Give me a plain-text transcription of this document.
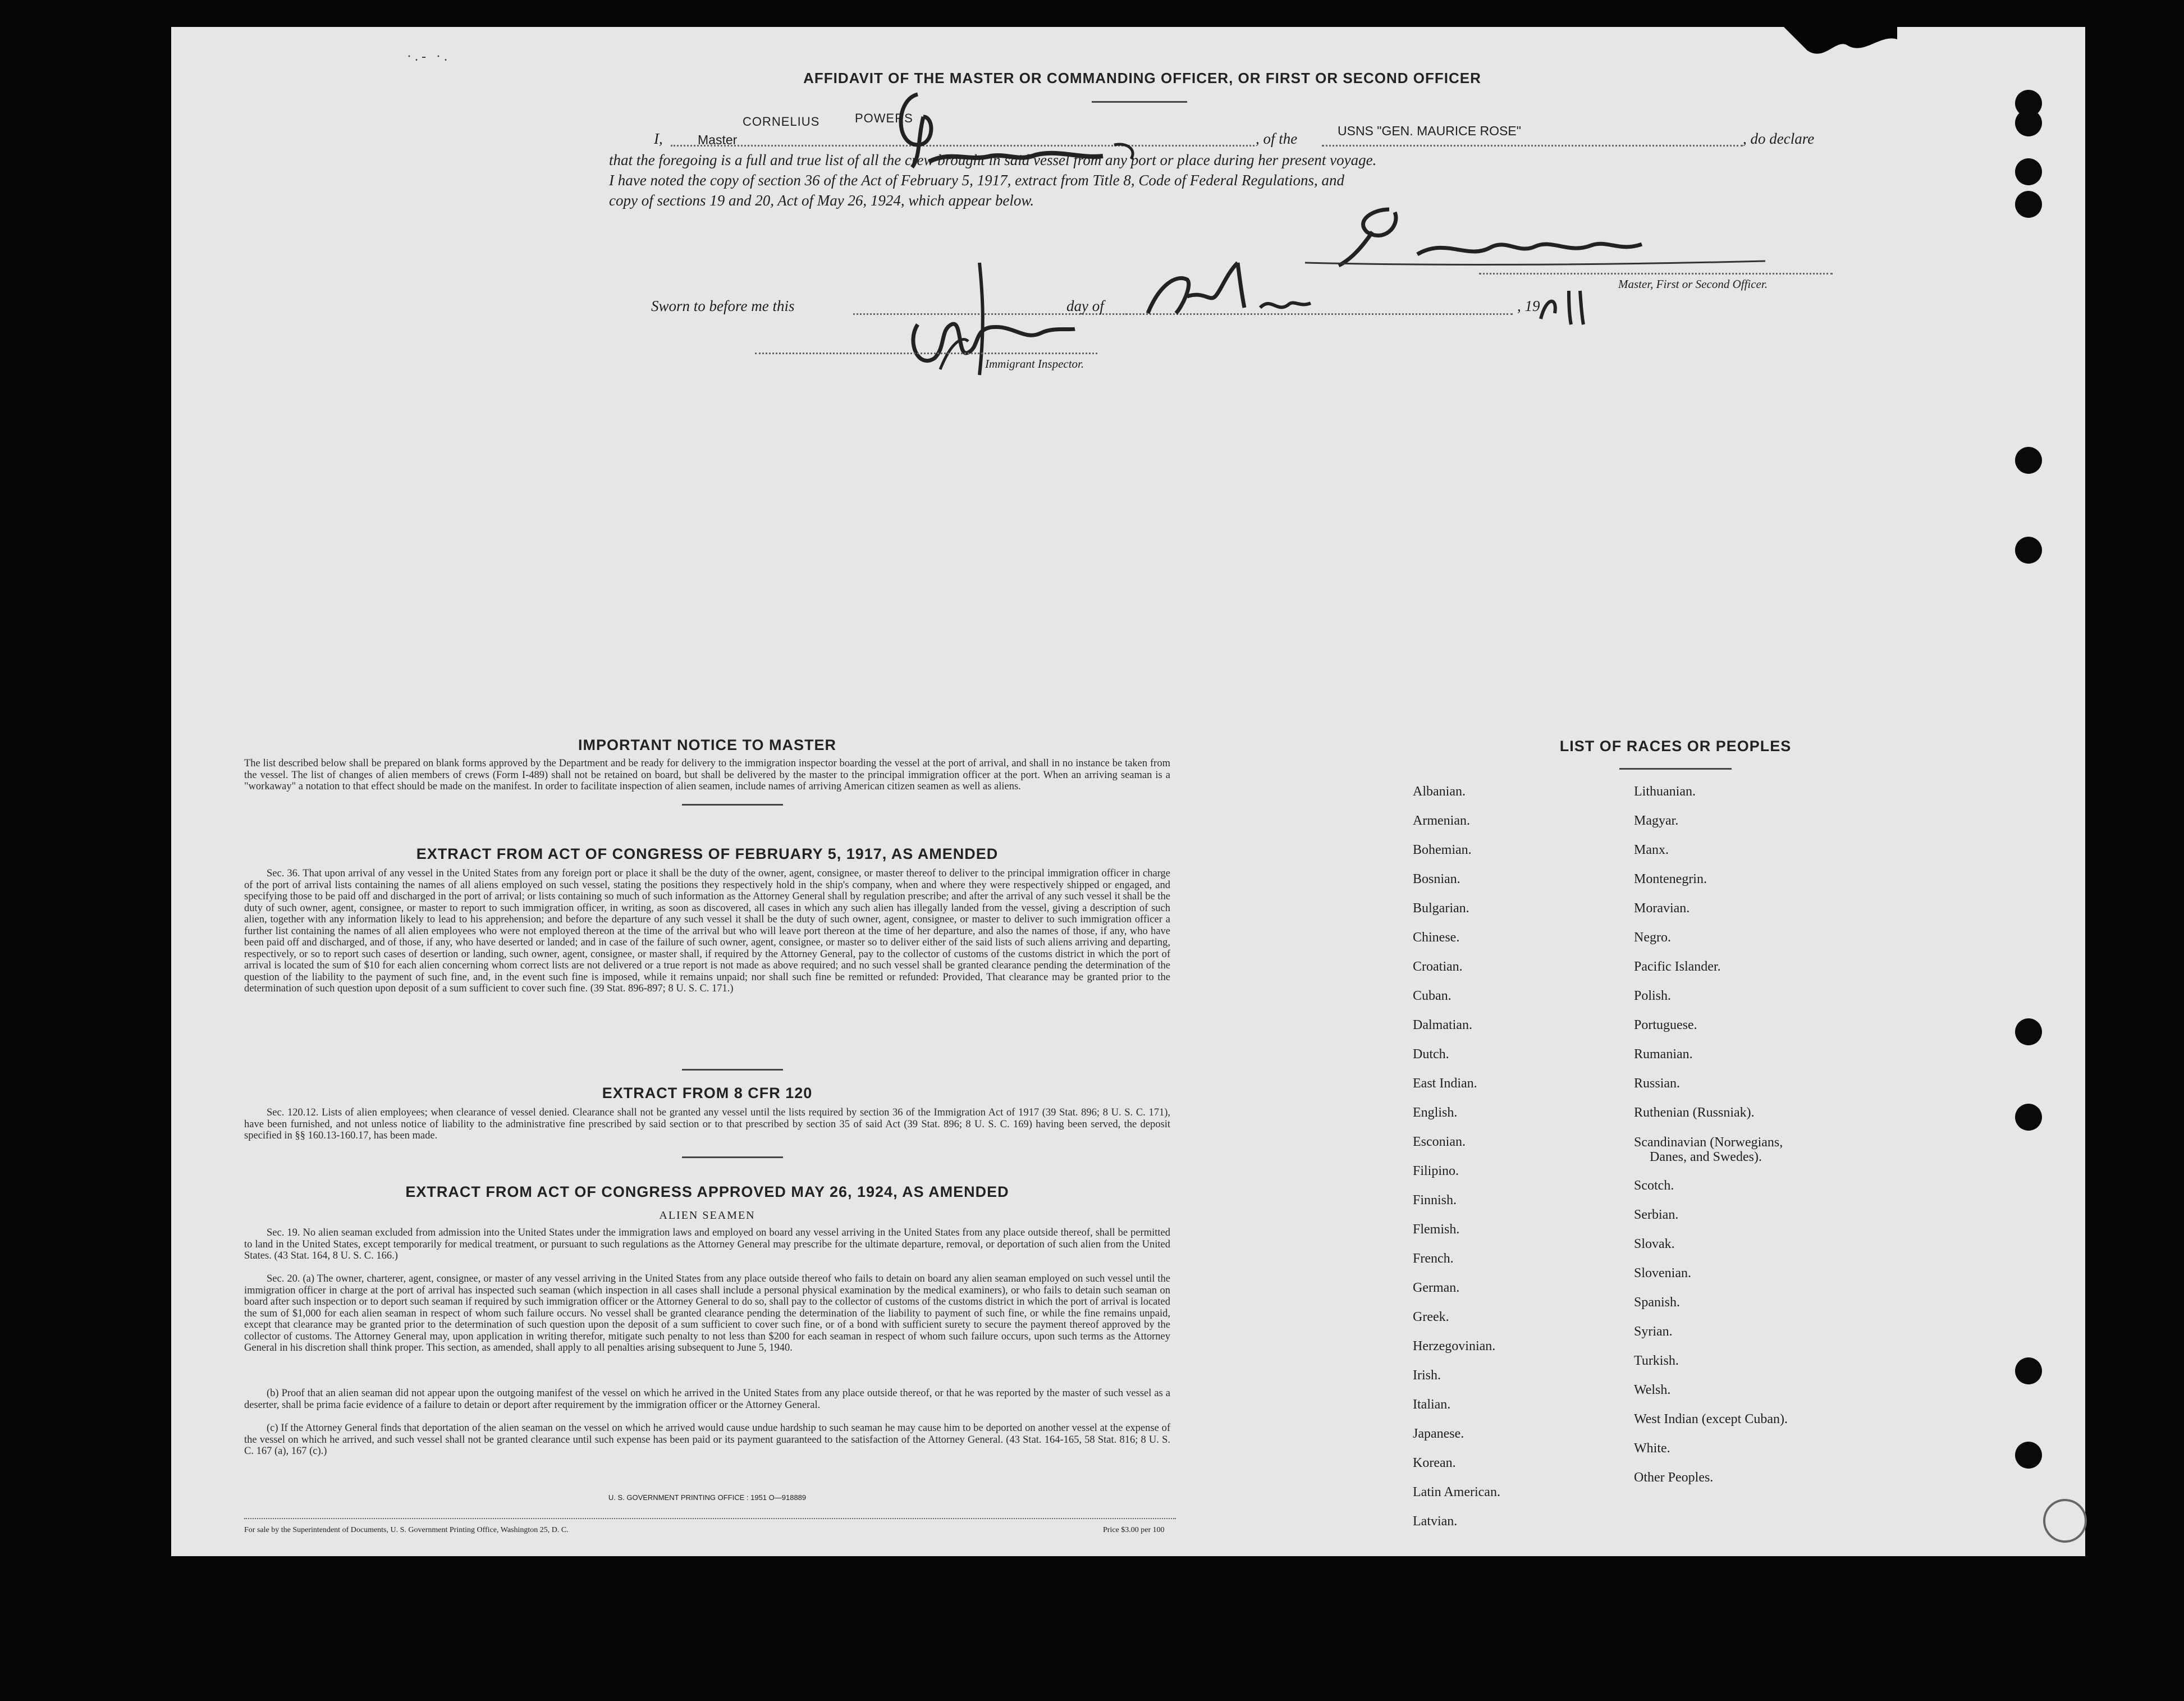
AFFIDAVIT OF THE MASTER OR COMMANDING OFFICER, OR FIRST OR SECOND OFFICER
CORNELIUS	POWERS
I,	Master	, of the	USNS "GEN. MAURICE ROSE"	, do declare
that the foregoing is a full and true list of all the crew brought in said vessel from any port or place during her present voyage.
I have noted the copy of section 36 of the Act of February 5, 1917, extract from Title 8, Code of Federal Regulations, and
copy of sections 19 and 20, Act of May 26, 1924, which appear below.
Master, First or Second Officer.
Sworn to before me this	day of	, 19
Immigrant Inspector.
IMPORTANT NOTICE TO MASTER
The list described below shall be prepared on blank forms approved by the Department and be ready for delivery to the immigration inspector boarding the vessel at the port of arrival, and shall in no instance be taken from the vessel. The list of changes of alien members of crews (Form I-489) shall not be retained on board, but shall be delivered by the master to the principal immigration officer at the port. When an arriving seaman is a "workaway" a notation to that effect should be made on the manifest. In order to facilitate inspection of alien seamen, include names of arriving American citizen seamen as well as aliens.
EXTRACT FROM ACT OF CONGRESS OF FEBRUARY 5, 1917, AS AMENDED
Sec. 36. That upon arrival of any vessel in the United States from any foreign port or place it shall be the duty of the owner, agent, consignee, or master thereof to deliver to the principal immigration officer in charge of the port of arrival lists containing the names of all aliens employed on such vessel, stating the positions they respectively hold in the ship's company, when and where they were respectively shipped or engaged, and specifying those to be paid off and discharged in the port of arrival; or lists containing so much of such information as the Attorney General shall by regulation prescribe; and after the arrival of any such vessel it shall be the duty of such owner, agent, consignee, or master to report to such immigration officer, in writing, as soon as discovered, all cases in which any such alien has illegally landed from the vessel, giving a description of such alien, together with any information likely to lead to his apprehension; and before the departure of any such vessel it shall be the duty of such owner, agent, consignee, or master to deliver to such immigration officer a further list containing the names of all alien employees who were not employed thereon at the time of the arrival but who will leave port thereon at the time of her departure, and also the names of those, if any, who have been paid off and discharged, and of those, if any, who have deserted or landed; and in case of the failure of such owner, agent, consignee, or master so to deliver either of the said lists of such aliens arriving and departing, respectively, or so to report such cases of desertion or landing, such owner, agent, consignee, or master shall, if required by the Attorney General, pay to the collector of customs of the customs district in which the port of arrival is located the sum of $10 for each alien concerning whom correct lists are not delivered or a true report is not made as above required; and no such vessel shall be granted clearance pending the determination of the question of the liability to the payment of such fine, and, in the event such fine is imposed, while it remains unpaid; nor shall such fine be remitted or refunded: Provided, That clearance may be granted prior to the determination of such question upon deposit of a sum sufficient to cover such fine. (39 Stat. 896-897; 8 U. S. C. 171.)
EXTRACT FROM 8 CFR 120
Sec. 120.12. Lists of alien employees; when clearance of vessel denied. Clearance shall not be granted any vessel until the lists required by section 36 of the Immigration Act of 1917 (39 Stat. 896; 8 U. S. C. 171), have been furnished, and not unless notice of liability to the administrative fine prescribed by said section or to that prescribed by section 35 of said Act (39 Stat. 896; 8 U. S. C. 169) having been served, the deposit specified in §§ 160.13-160.17, has been made.
EXTRACT FROM ACT OF CONGRESS APPROVED MAY 26, 1924, AS AMENDED
ALIEN SEAMEN
Sec. 19. No alien seaman excluded from admission into the United States under the immigration laws and employed on board any vessel arriving in the United States from any place outside thereof, shall be permitted to land in the United States, except temporarily for medical treatment, or pursuant to such regulations as the Attorney General may prescribe for the ultimate departure, removal, or deportation of such alien from the United States. (43 Stat. 164, 8 U. S. C. 166.)
Sec. 20. (a) The owner, charterer, agent, consignee, or master of any vessel arriving in the United States from any place outside thereof who fails to detain on board any alien seaman employed on such vessel until the immigration officer in charge at the port of arrival has inspected such seaman (which inspection in all cases shall include a personal physical examination by the medical examiners), or who fails to detain such seaman on board after such inspection or to deport such seaman if required by such immigration officer or the Attorney General to do so, shall pay to the collector of customs of the customs district in which the port of arrival is located the sum of $1,000 for each alien seaman in respect of whom such failure occurs. No vessel shall be granted clearance pending the determination of the liability to payment of such fine, or while the fine remains unpaid, except that clearance may be granted prior to the determination of such question upon the deposit of a sum sufficient to cover such fine, or of a bond with sufficient surety to secure the payment thereof approved by the collector of customs. The Attorney General may, upon application in writing therefor, mitigate such penalty to not less than $200 for each seaman in respect of whom such failure occurs, upon such terms as the Attorney General in his discretion shall think proper. This section, as amended, shall apply to all penalties arising subsequent to June 5, 1940.
(b) Proof that an alien seaman did not appear upon the outgoing manifest of the vessel on which he arrived in the United States from any place outside thereof, or that he was reported by the master of such vessel as a deserter, shall be prima facie evidence of a failure to detain or deport after requirement by the immigration officer or the Attorney General.
(c) If the Attorney General finds that deportation of the alien seaman on the vessel on which he arrived would cause undue hardship to such seaman he may cause him to be deported on another vessel at the expense of the vessel on which he arrived, and such vessel shall not be granted clearance until such expense has been paid or its payment guaranteed to the satisfaction of the Attorney General. (43 Stat. 164-165, 58 Stat. 816; 8 U. S. C. 167 (a), 167 (c).)
U. S. GOVERNMENT PRINTING OFFICE : 1951 O—918889
For sale by the Superintendent of Documents, U. S. Government Printing Office, Washington 25, D. C.	Price $3.00 per 100
LIST OF RACES OR PEOPLES
Albanian.
Armenian.
Bohemian.
Bosnian.
Bulgarian.
Chinese.
Croatian.
Cuban.
Dalmatian.
Dutch.
East Indian.
English.
Esconian.
Filipino.
Finnish.
Flemish.
French.
German.
Greek.
Herzegovinian.
Irish.
Italian.
Japanese.
Korean.
Latin American.
Latvian.
Lithuanian.
Magyar.
Manx.
Montenegrin.
Moravian.
Negro.
Pacific Islander.
Polish.
Portuguese.
Rumanian.
Russian.
Ruthenian (Russniak).
Scandinavian (Norwegians,
Danes, and Swedes).
Scotch.
Serbian.
Slovak.
Slovenian.
Spanish.
Syrian.
Turkish.
Welsh.
West Indian (except Cuban).
White.
Other Peoples.
·.- ·.
